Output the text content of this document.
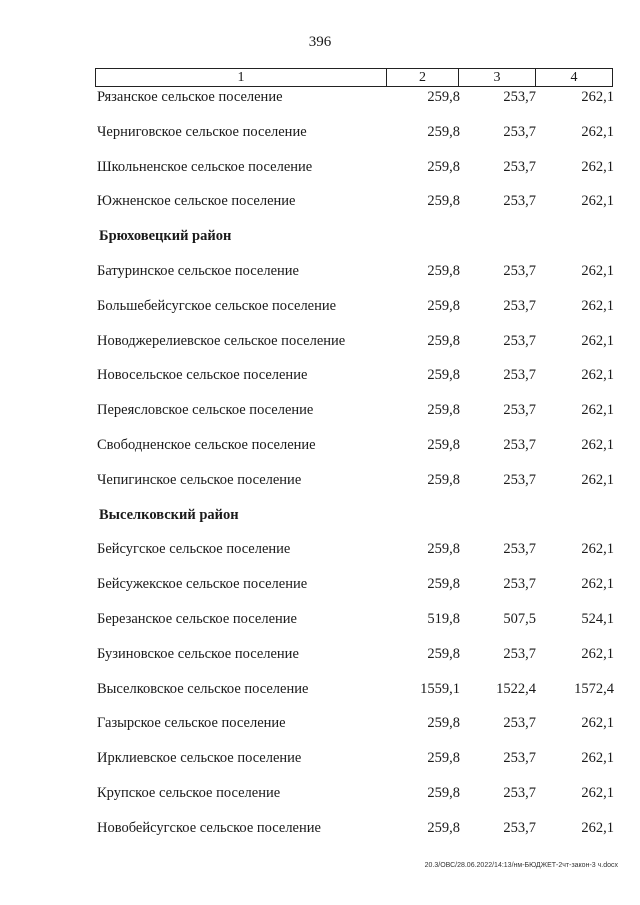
396
1	2	3	4
Рязанское сельское поселение	259,8	253,7	262,1
Черниговское сельское поселение	259,8	253,7	262,1
Школьненское сельское поселение	259,8	253,7	262,1
Южненское сельское поселение	259,8	253,7	262,1
Брюховецкий район
Батуринское сельское поселение	259,8	253,7	262,1
Большебейсугское сельское поселение	259,8	253,7	262,1
Новоджерелиевское сельское поселение	259,8	253,7	262,1
Новосельское сельское поселение	259,8	253,7	262,1
Переясловское сельское поселение	259,8	253,7	262,1
Свободненское сельское поселение	259,8	253,7	262,1
Чепигинское сельское поселение	259,8	253,7	262,1
Выселковский район
Бейсугское сельское поселение	259,8	253,7	262,1
Бейсужекское сельское поселение	259,8	253,7	262,1
Березанское сельское поселение	519,8	507,5	524,1
Бузиновское сельское поселение	259,8	253,7	262,1
Выселковское сельское поселение	1559,1	1522,4	1572,4
Газырское сельское поселение	259,8	253,7	262,1
Ирклиевское сельское поселение	259,8	253,7	262,1
Крупское сельское поселение	259,8	253,7	262,1
Новобейсугское сельское поселение	259,8	253,7	262,1
20.3/ОВС/28.06.2022/14:13/нм-БЮДЖЕТ-2чт-закон-3 ч.docx
